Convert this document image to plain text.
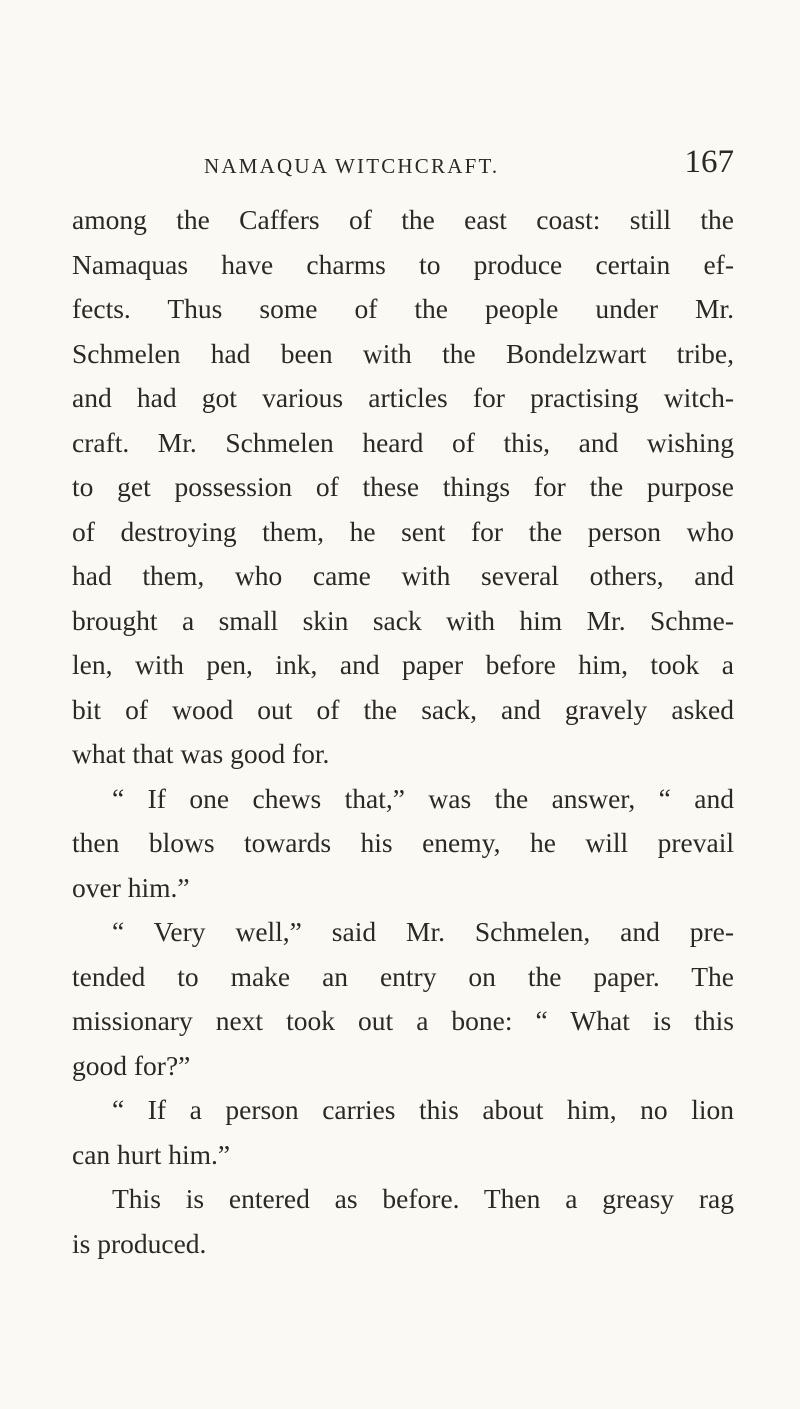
NAMAQUA WITCHCRAFT.	167
among the Caffers of the east coast: still the
Namaquas have charms to produce certain ef-
fects. Thus some of the people under Mr.
Schmelen had been with the Bondelzwart tribe,
and had got various articles for practising witch-
craft. Mr. Schmelen heard of this, and wishing
to get possession of these things for the purpose
of destroying them, he sent for the person who
had them, who came with several others, and
brought a small skin sack with him Mr. Schme-
len, with pen, ink, and paper before him, took a
bit of wood out of the sack, and gravely asked
what that was good for.
“ If one chews that,” was the answer, “ and
then blows towards his enemy, he will prevail
over him.”
“ Very well,” said Mr. Schmelen, and pre-
tended to make an entry on the paper. The
missionary next took out a bone: “ What is this
good for?”
“ If a person carries this about him, no lion
can hurt him.”
This is entered as before. Then a greasy rag
is produced.
